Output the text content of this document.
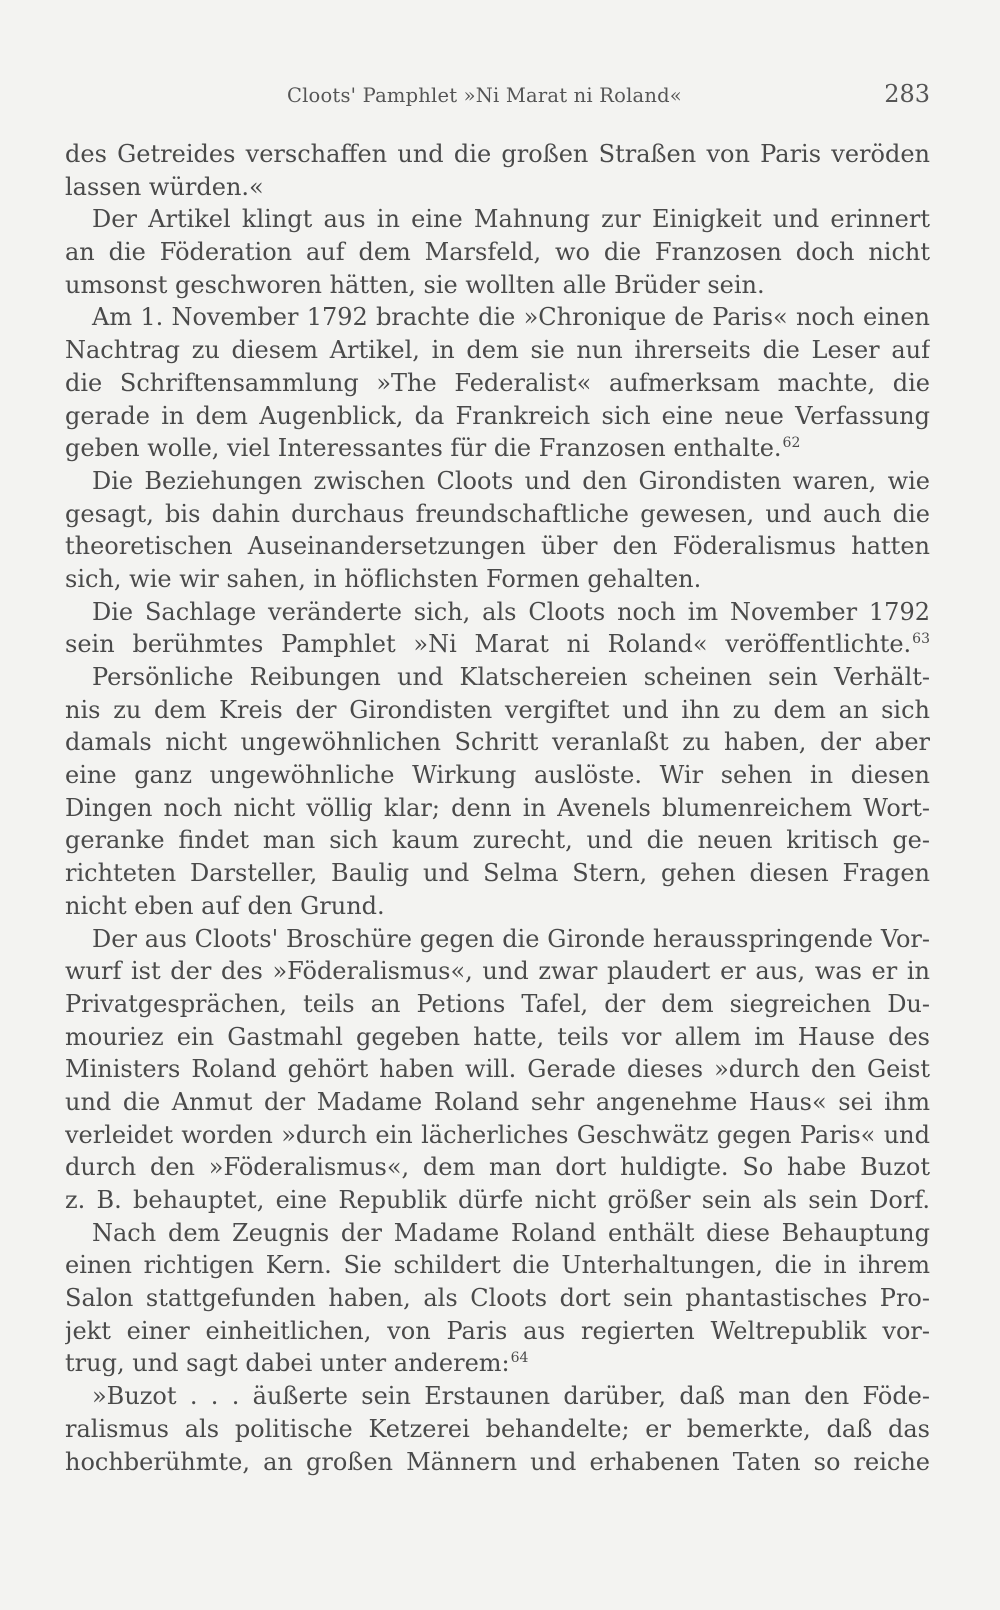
Cloots' Pamphlet »Ni Marat ni Roland«	283
des Getreides verschaffen und die großen Straßen von Paris veröden
lassen würden.«
Der Artikel klingt aus in eine Mahnung zur Einigkeit und erinnert
an die Föderation auf dem Marsfeld, wo die Franzosen doch nicht
umsonst geschworen hätten, sie wollten alle Brüder sein.
Am 1. November 1792 brachte die »Chronique de Paris« noch einen
Nachtrag zu diesem Artikel, in dem sie nun ihrerseits die Leser auf
die Schriftensammlung »The Federalist« aufmerksam machte, die
gerade in dem Augenblick, da Frankreich sich eine neue Verfassung
geben wolle, viel Interessantes für die Franzosen enthalte.$^{62}$
Die Beziehungen zwischen Cloots und den Girondisten waren, wie
gesagt, bis dahin durchaus freundschaftliche gewesen, und auch die
theoretischen Auseinandersetzungen über den Föderalismus hatten
sich, wie wir sahen, in höflichsten Formen gehalten.
Die Sachlage veränderte sich, als Cloots noch im November 1792
sein berühmtes Pamphlet »Ni Marat ni Roland« veröffentlichte.$^{63}$
Persönliche Reibungen und Klatschereien scheinen sein Verhält-
nis zu dem Kreis der Girondisten vergiftet und ihn zu dem an sich
damals nicht ungewöhnlichen Schritt veranlaßt zu haben, der aber
eine ganz ungewöhnliche Wirkung auslöste. Wir sehen in diesen
Dingen noch nicht völlig klar; denn in Avenels blumenreichem Wort-
geranke findet man sich kaum zurecht, und die neuen kritisch ge-
richteten Darsteller, Baulig und Selma Stern, gehen diesen Fragen
nicht eben auf den Grund.
Der aus Cloots' Broschüre gegen die Gironde herausspringende Vor-
wurf ist der des »Föderalismus«, und zwar plaudert er aus, was er in
Privatgesprächen, teils an Petions Tafel, der dem siegreichen Du-
mouriez ein Gastmahl gegeben hatte, teils vor allem im Hause des
Ministers Roland gehört haben will. Gerade dieses »durch den Geist
und die Anmut der Madame Roland sehr angenehme Haus« sei ihm
verleidet worden »durch ein lächerliches Geschwätz gegen Paris« und
durch den »Föderalismus«, dem man dort huldigte. So habe Buzot
z. B. behauptet, eine Republik dürfe nicht größer sein als sein Dorf.
Nach dem Zeugnis der Madame Roland enthält diese Behauptung
einen richtigen Kern. Sie schildert die Unterhaltungen, die in ihrem
Salon stattgefunden haben, als Cloots dort sein phantastisches Pro-
jekt einer einheitlichen, von Paris aus regierten Weltrepublik vor-
trug, und sagt dabei unter anderem:$^{64}$
»Buzot . . . äußerte sein Erstaunen darüber, daß man den Föde-
ralismus als politische Ketzerei behandelte; er bemerkte, daß das
hochberühmte, an großen Männern und erhabenen Taten so reiche
